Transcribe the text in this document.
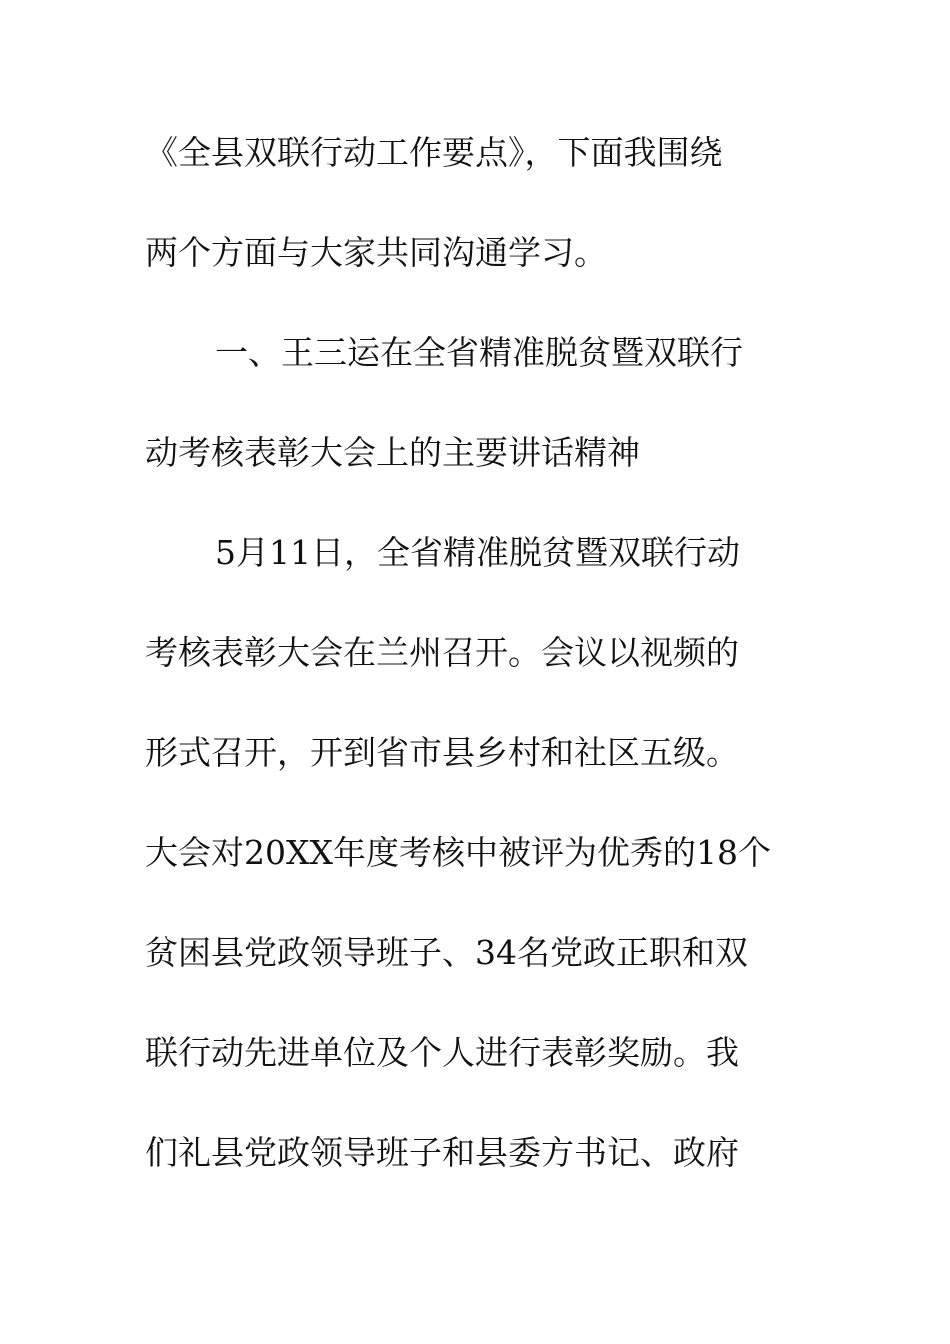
《全县双联行动工作要点》，下面我围绕
两个方面与大家共同沟通学习。
一、王三运在全省精准脱贫暨双联行
动考核表彰大会上的主要讲话精神
5月11日，全省精准脱贫暨双联行动
考核表彰大会在兰州召开。会议以视频的
形式召开，开到省市县乡村和社区五级。
大会对20XX年度考核中被评为优秀的18个
贫困县党政领导班子、34名党政正职和双
联行动先进单位及个人进行表彰奖励。我
们礼县党政领导班子和县委方书记、政府
